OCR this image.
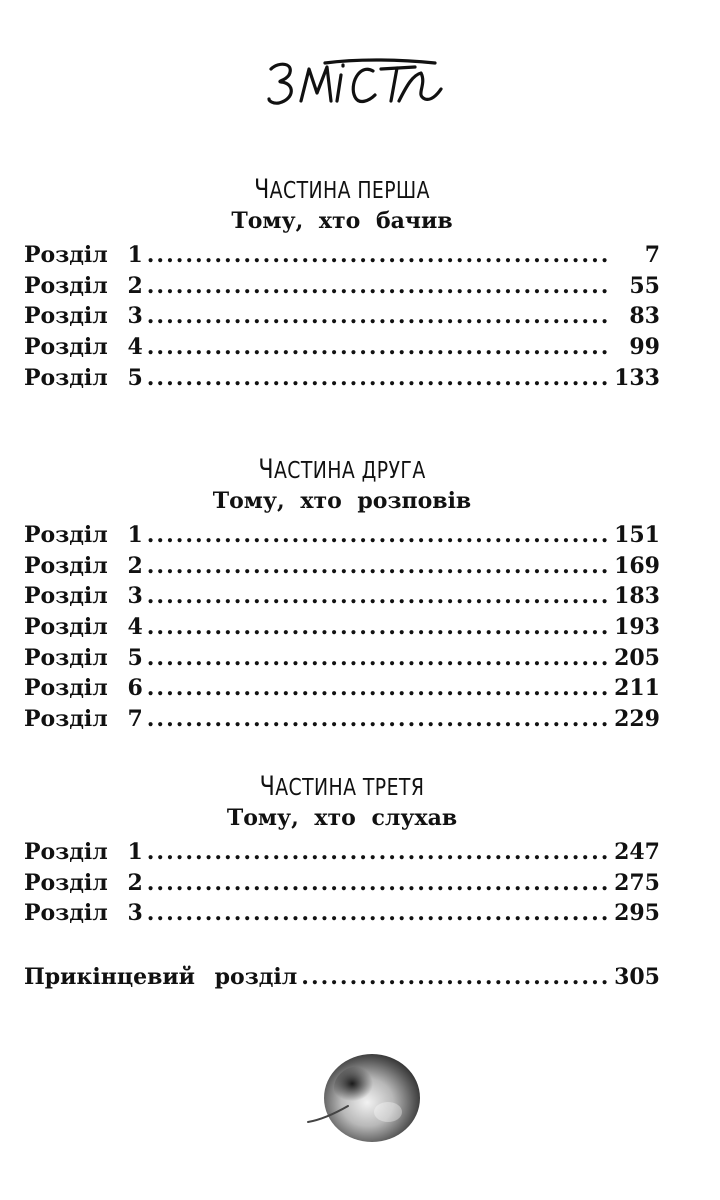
ЧАСТИНА ПЕРША

Тому, хто бачив

Розділ 1 .....	7
Розділ 2 .....	55
Розділ 3 .....	83
Розділ 4 .....	99
Розділ 5 .....	133

ЧАСТИНА ДРУГА

Тому, хто розповів

Розділ 1 .....	151
Розділ 2 .....	169
Розділ 3 .....	183
Розділ 4 .....	193
Розділ 5 .....	205
Розділ 6 .....	211
Розділ 7 .....	229

ЧАСТИНА ТРЕТЯ

Тому, хто слухав

Розділ 1 .....	247
Розділ 2 .....	275
Розділ 3 .....	295
Прикінцевий розділ .....	305
